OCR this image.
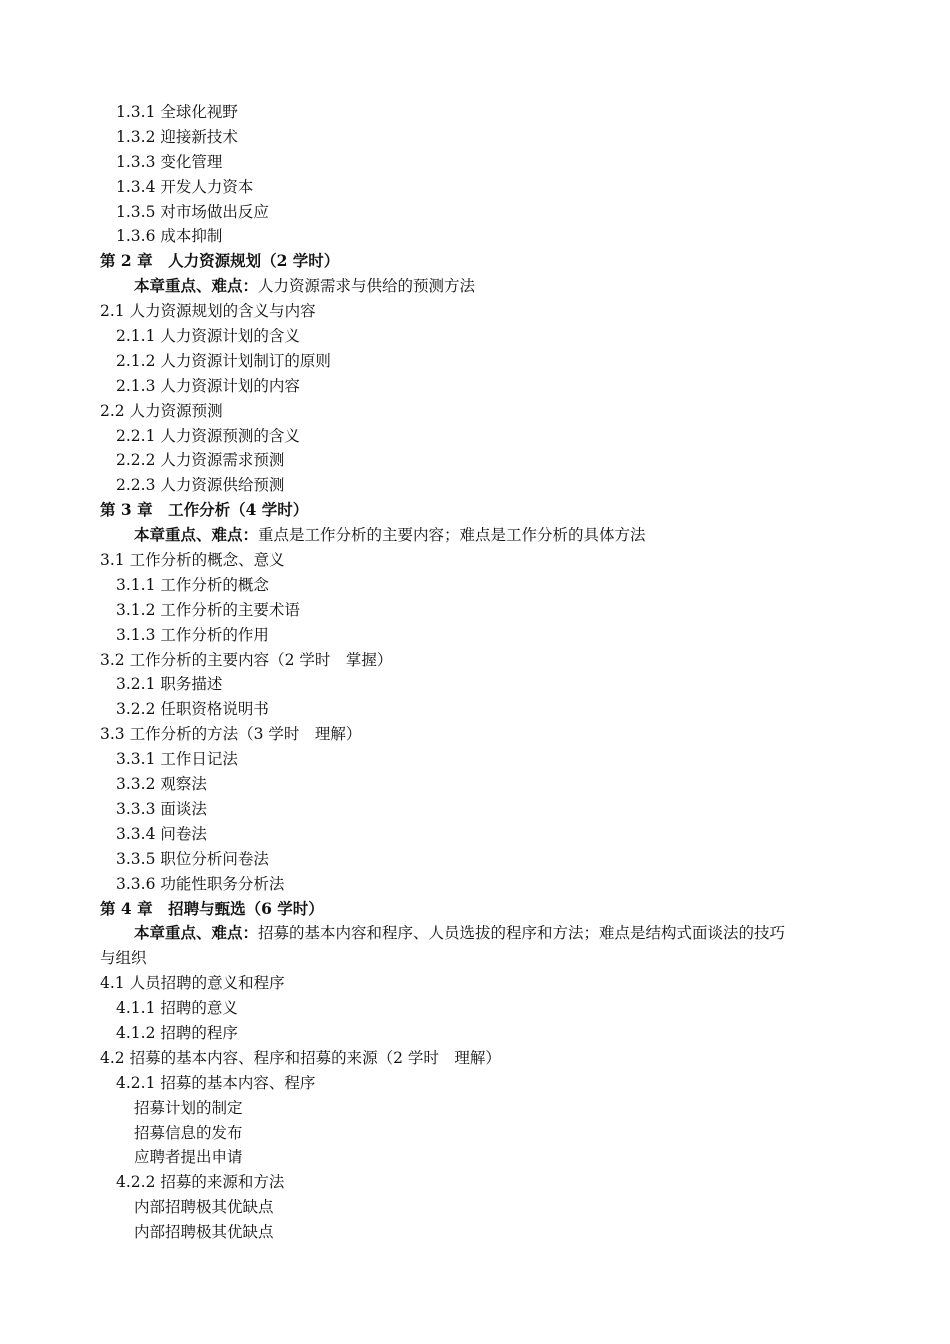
1.3.1 全球化视野
1.3.2 迎接新技术
1.3.3 变化管理
1.3.4 开发人力资本
1.3.5 对市场做出反应
1.3.6 成本抑制
第 2 章　人力资源规划（2 学时）
本章重点、难点：人力资源需求与供给的预测方法
2.1 人力资源规划的含义与内容
2.1.1 人力资源计划的含义
2.1.2 人力资源计划制订的原则
2.1.3 人力资源计划的内容
2.2 人力资源预测
2.2.1 人力资源预测的含义
2.2.2 人力资源需求预测
2.2.3 人力资源供给预测
第 3 章　工作分析（4 学时）
本章重点、难点：重点是工作分析的主要内容；难点是工作分析的具体方法
3.1 工作分析的概念、意义
3.1.1 工作分析的概念
3.1.2 工作分析的主要术语
3.1.3 工作分析的作用
3.2 工作分析的主要内容（2 学时　掌握）
3.2.1 职务描述
3.2.2 任职资格说明书
3.3 工作分析的方法（3 学时　理解）
3.3.1 工作日记法
3.3.2 观察法
3.3.3 面谈法
3.3.4 问卷法
3.3.5 职位分析问卷法
3.3.6 功能性职务分析法
第 4 章　招聘与甄选（6 学时）
本章重点、难点：招募的基本内容和程序、人员选拔的程序和方法；难点是结构式面谈法的技巧
与组织
4.1 人员招聘的意义和程序
4.1.1 招聘的意义
4.1.2 招聘的程序
4.2 招募的基本内容、程序和招募的来源（2 学时　理解）
4.2.1 招募的基本内容、程序
招募计划的制定
招募信息的发布
应聘者提出申请
4.2.2 招募的来源和方法
内部招聘极其优缺点
内部招聘极其优缺点
